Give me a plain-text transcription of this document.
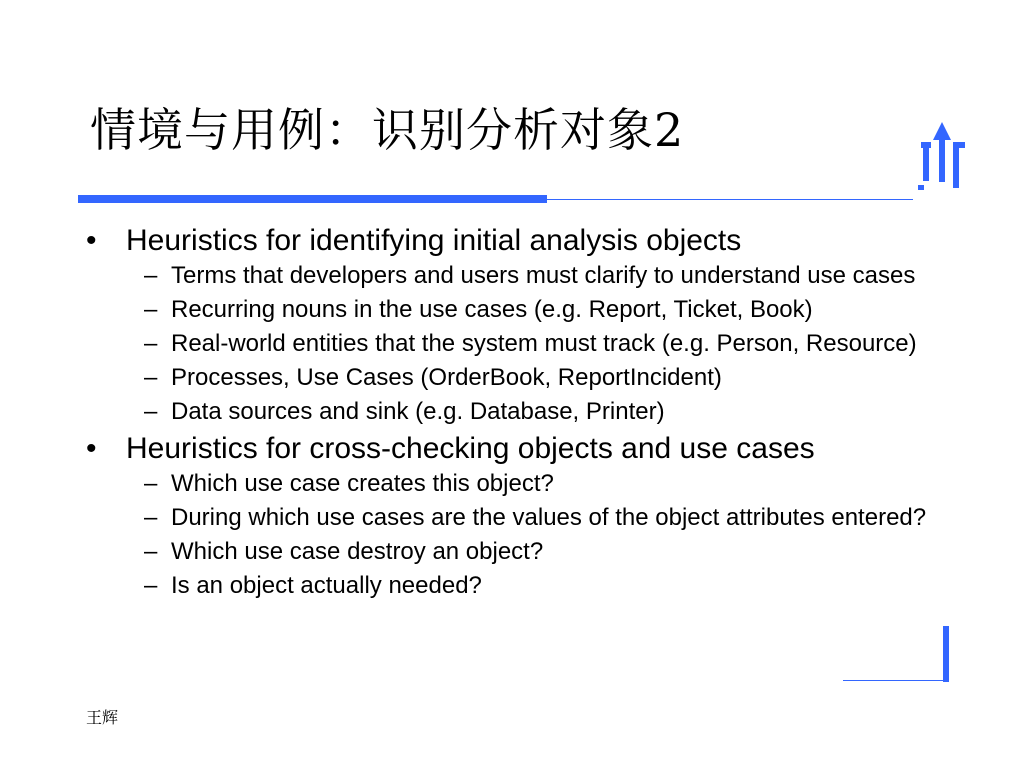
情境与用例：识别分析对象2
• Heuristics for identifying initial analysis objects
– Terms that developers and users must clarify to understand use cases
– Recurring nouns in the use cases (e.g. Report, Ticket, Book)
– Real-world entities that the system must track (e.g. Person, Resource)
– Processes, Use Cases (OrderBook, ReportIncident)
– Data sources and sink (e.g. Database, Printer)
• Heuristics for cross-checking objects and use cases
– Which use case creates this object?
– During which use cases are the values of the object attributes entered?
– Which use case destroy an object?
– Is an object actually needed?
王辉
